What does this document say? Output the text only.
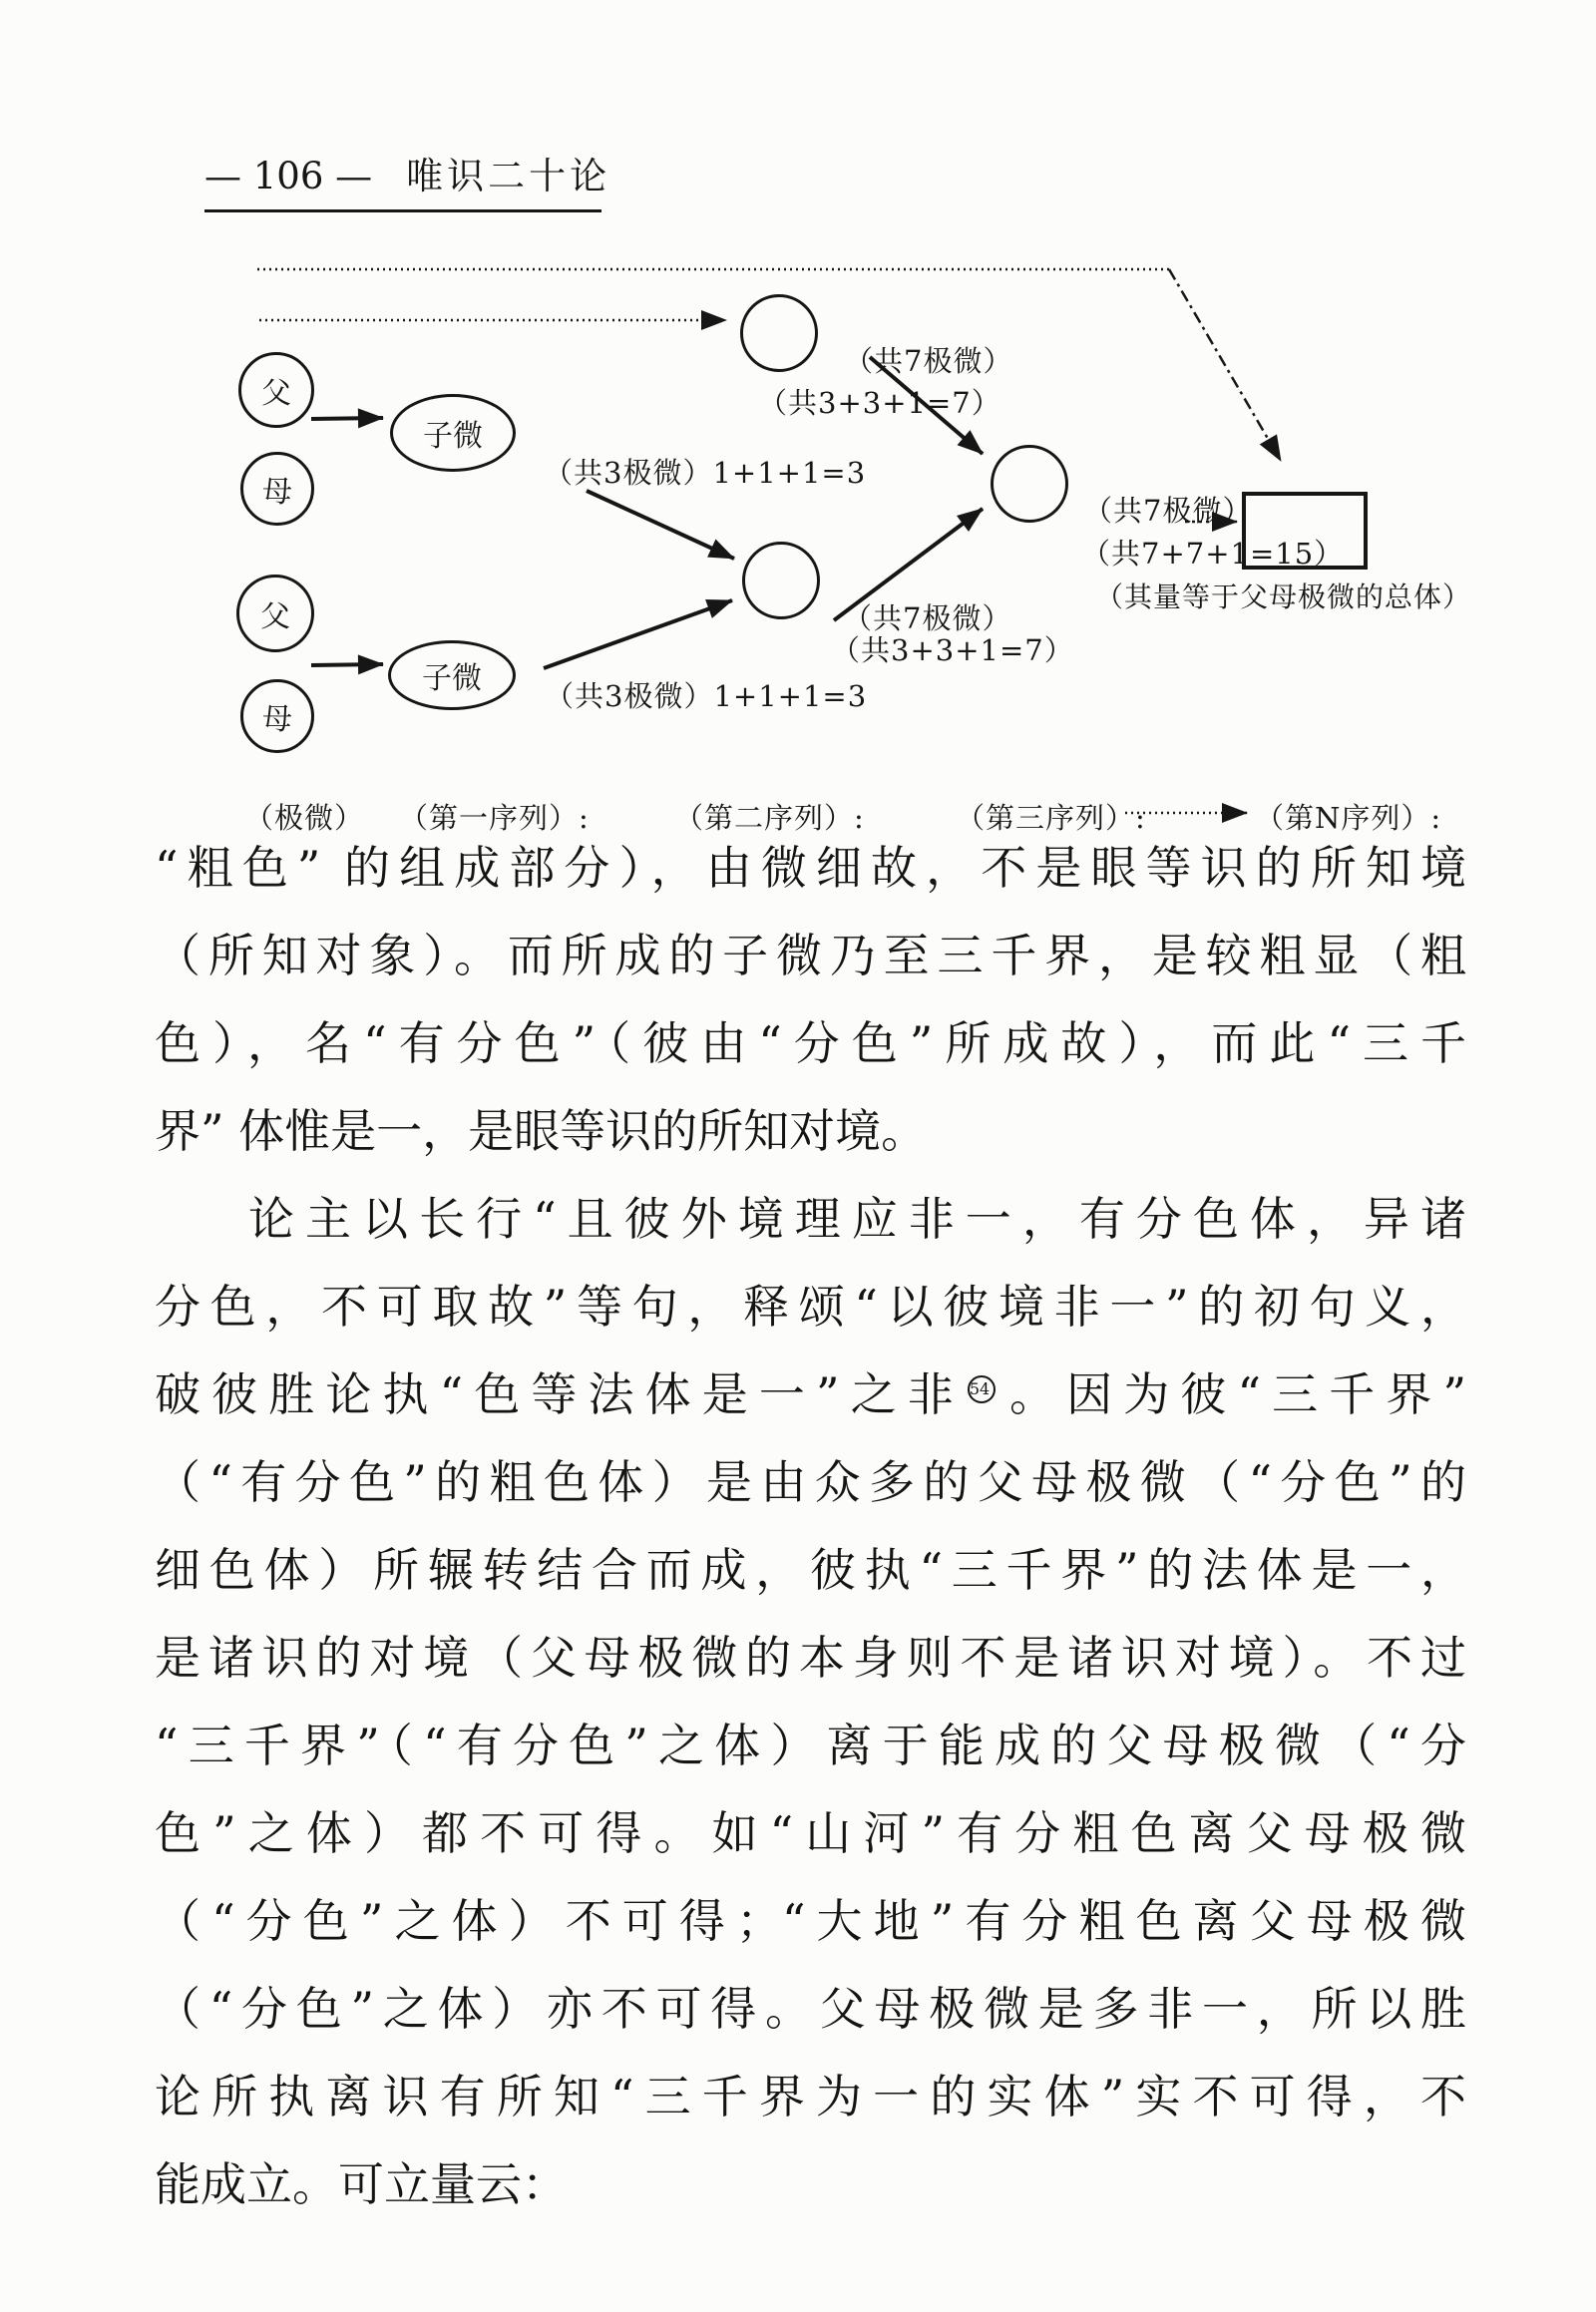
— 106 — 唯识二十论
父
母
子微
父
母
子微
（共3极微）1+1+1=3
（共3极微）1+1+1=3
（共7极微）
（共3+3+1=7）
（共7极微）
（共3+3+1=7）
（共7极微）
（共7+7+1=15）
（其量等于父母极微的总体）
（极微） （第一序列）:	（第二序列）:	（第三序列）:	（第N序列）:
“粗色” 的组成部分），由微细故，不是眼等识的所知境
（所知对象）。而所成的子微乃至三千界，是较粗显（粗
色），名“有分色”（彼由“分色”所成故），而此“三千
界” 体惟是一，是眼等识的所知对境。
论主以长行“且彼外境理应非一，有分色体，异诸
分色，不可取故”等句，释颂“以彼境非一”的初句义，
破彼胜论执“色等法体是一”之非 54 。因为彼“三千界”
（“有分色”的粗色体）是由众多的父母极微（“分色”的
细色体）所辗转结合而成，彼执“三千界”的法体是一，
是诸识的对境（父母极微的本身则不是诸识对境）。不过
“三千界”（“有分色”之体）离于能成的父母极微（“分
色”之体）都不可得。如“山河”有分粗色离父母极微
（“分色”之体）不可得；“大地”有分粗色离父母极微
（“分色”之体）亦不可得。父母极微是多非一，所以胜
论所执离识有所知“三千界为一的实体”实不可得，不
能成立。可立量云：
